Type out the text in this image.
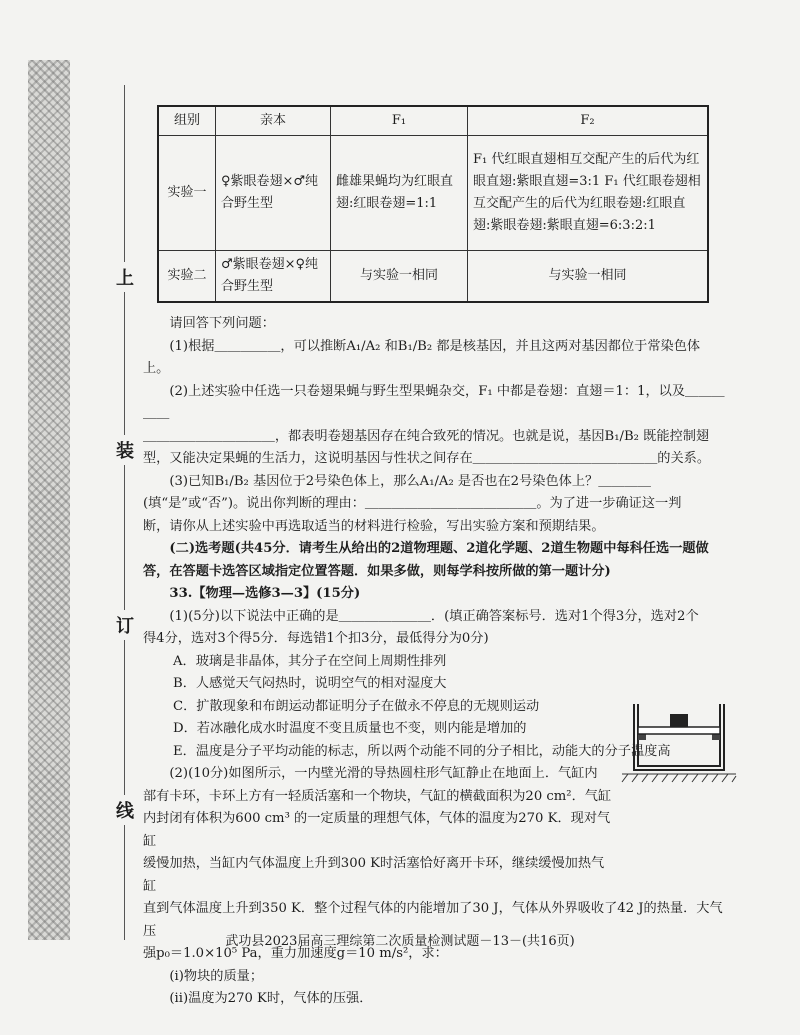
上
装
订
线
组别	亲本	F₁	F₂
实验一	♀紫眼卷翅×♂纯合野生型	雌雄果蝇均为红眼直翅:红眼卷翅=1:1	F₁ 代红眼直翅相互交配产生的后代为红眼直翅:紫眼直翅=3:1 F₁ 代红眼卷翅相互交配产生的后代为红眼卷翅:红眼直翅:紫眼卷翅:紫眼直翅=6:3:2:1
实验二	♂紫眼卷翅×♀纯合野生型	与实验一相同	与实验一相同

请回答下列问题：

(1)根据＿＿＿＿＿，可以推断A₁/A₂ 和B₁/B₂ 都是核基因，并且这两对基因都位于常染色体上。

(2)上述实验中任选一只卷翅果蝇与野生型果蝇杂交，F₁ 中都是卷翅：直翅＝1：1，以及＿＿＿＿＿

＿＿＿＿＿＿＿＿＿＿，都表明卷翅基因存在纯合致死的情况。也就是说，基因B₁/B₂ 既能控制翅

型，又能决定果蝇的生活力，这说明基因与性状之间存在＿＿＿＿＿＿＿＿＿＿＿＿＿＿的关系。

(3)已知B₁/B₂ 基因位于2号染色体上，那么A₁/A₂ 是否也在2号染色体上？＿＿＿＿

(填“是”或“否”)。说出你判断的理由：＿＿＿＿＿＿＿＿＿＿＿＿＿。为了进一步确证这一判

断，请你从上述实验中再选取适当的材料进行检验，写出实验方案和预期结果。

(二)选考题(共45分．请考生从给出的2道物理题、2道化学题、2道生物题中每科任选一题做

答，在答题卡选答区域指定位置答题．如果多做，则每学科按所做的第一题计分)

33.【物理—选修3—3】(15分)

(1)(5分)以下说法中正确的是＿＿＿＿＿＿＿．(填正确答案标号．选对1个得3分，选对2个

得4分，选对3个得5分．每选错1个扣3分，最低得分为0分)

A．玻璃是非晶体，其分子在空间上周期性排列

B．人感觉天气闷热时，说明空气的相对湿度大

C．扩散现象和布朗运动都证明分子在做永不停息的无规则运动

D．若冰融化成水时温度不变且质量也不变，则内能是增加的

E．温度是分子平均动能的标志，所以两个动能不同的分子相比，动能大的分子温度高

(2)(10分)如图所示，一内壁光滑的导热圆柱形气缸静止在地面上．气缸内

部有卡环，卡环上方有一轻质活塞和一个物块，气缸的横截面积为20 cm²．气缸

内封闭有体积为600 cm³ 的一定质量的理想气体，气体的温度为270 K．现对气缸

缓慢加热，当缸内气体温度上升到300 K时活塞恰好离开卡环，继续缓慢加热气缸

直到气体温度上升到350 K．整个过程气体的内能增加了30 J，气体从外界吸收了42 J的热量．大气压

强p₀＝1.0×10⁵ Pa，重力加速度g＝10 m/s²，求：

(i)物块的质量；

(ii)温度为270 K时，气体的压强．

武功县2023届高三理综第二次质量检测试题－13－(共16页)
